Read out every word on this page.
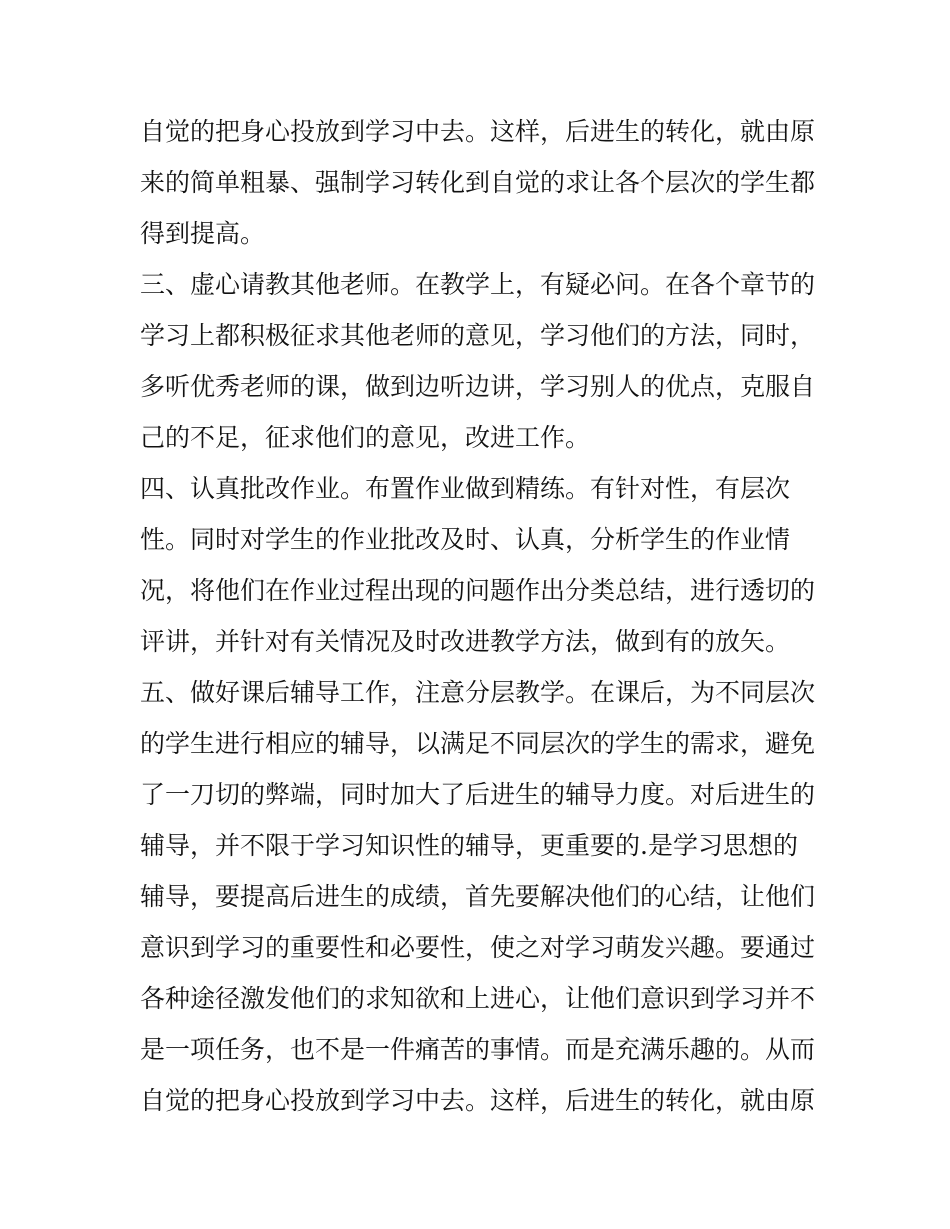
自觉的把身心投放到学习中去。这样，后进生的转化，就由原
来的简单粗暴、强制学习转化到自觉的求让各个层次的学生都
得到提高。
三、虚心请教其他老师。在教学上，有疑必问。在各个章节的
学习上都积极征求其他老师的意见，学习他们的方法，同时，
多听优秀老师的课，做到边听边讲，学习别人的优点，克服自
己的不足，征求他们的意见，改进工作。
四、认真批改作业。布置作业做到精练。有针对性，有层次
性。同时对学生的作业批改及时、认真，分析学生的作业情
况，将他们在作业过程出现的问题作出分类总结，进行透切的
评讲，并针对有关情况及时改进教学方法，做到有的放矢。
五、做好课后辅导工作，注意分层教学。在课后，为不同层次
的学生进行相应的辅导，以满足不同层次的学生的需求，避免
了一刀切的弊端，同时加大了后进生的辅导力度。对后进生的
辅导，并不限于学习知识性的辅导，更重要的.是学习思想的
辅导，要提高后进生的成绩，首先要解决他们的心结，让他们
意识到学习的重要性和必要性，使之对学习萌发兴趣。要通过
各种途径激发他们的求知欲和上进心，让他们意识到学习并不
是一项任务，也不是一件痛苦的事情。而是充满乐趣的。从而
自觉的把身心投放到学习中去。这样，后进生的转化，就由原
